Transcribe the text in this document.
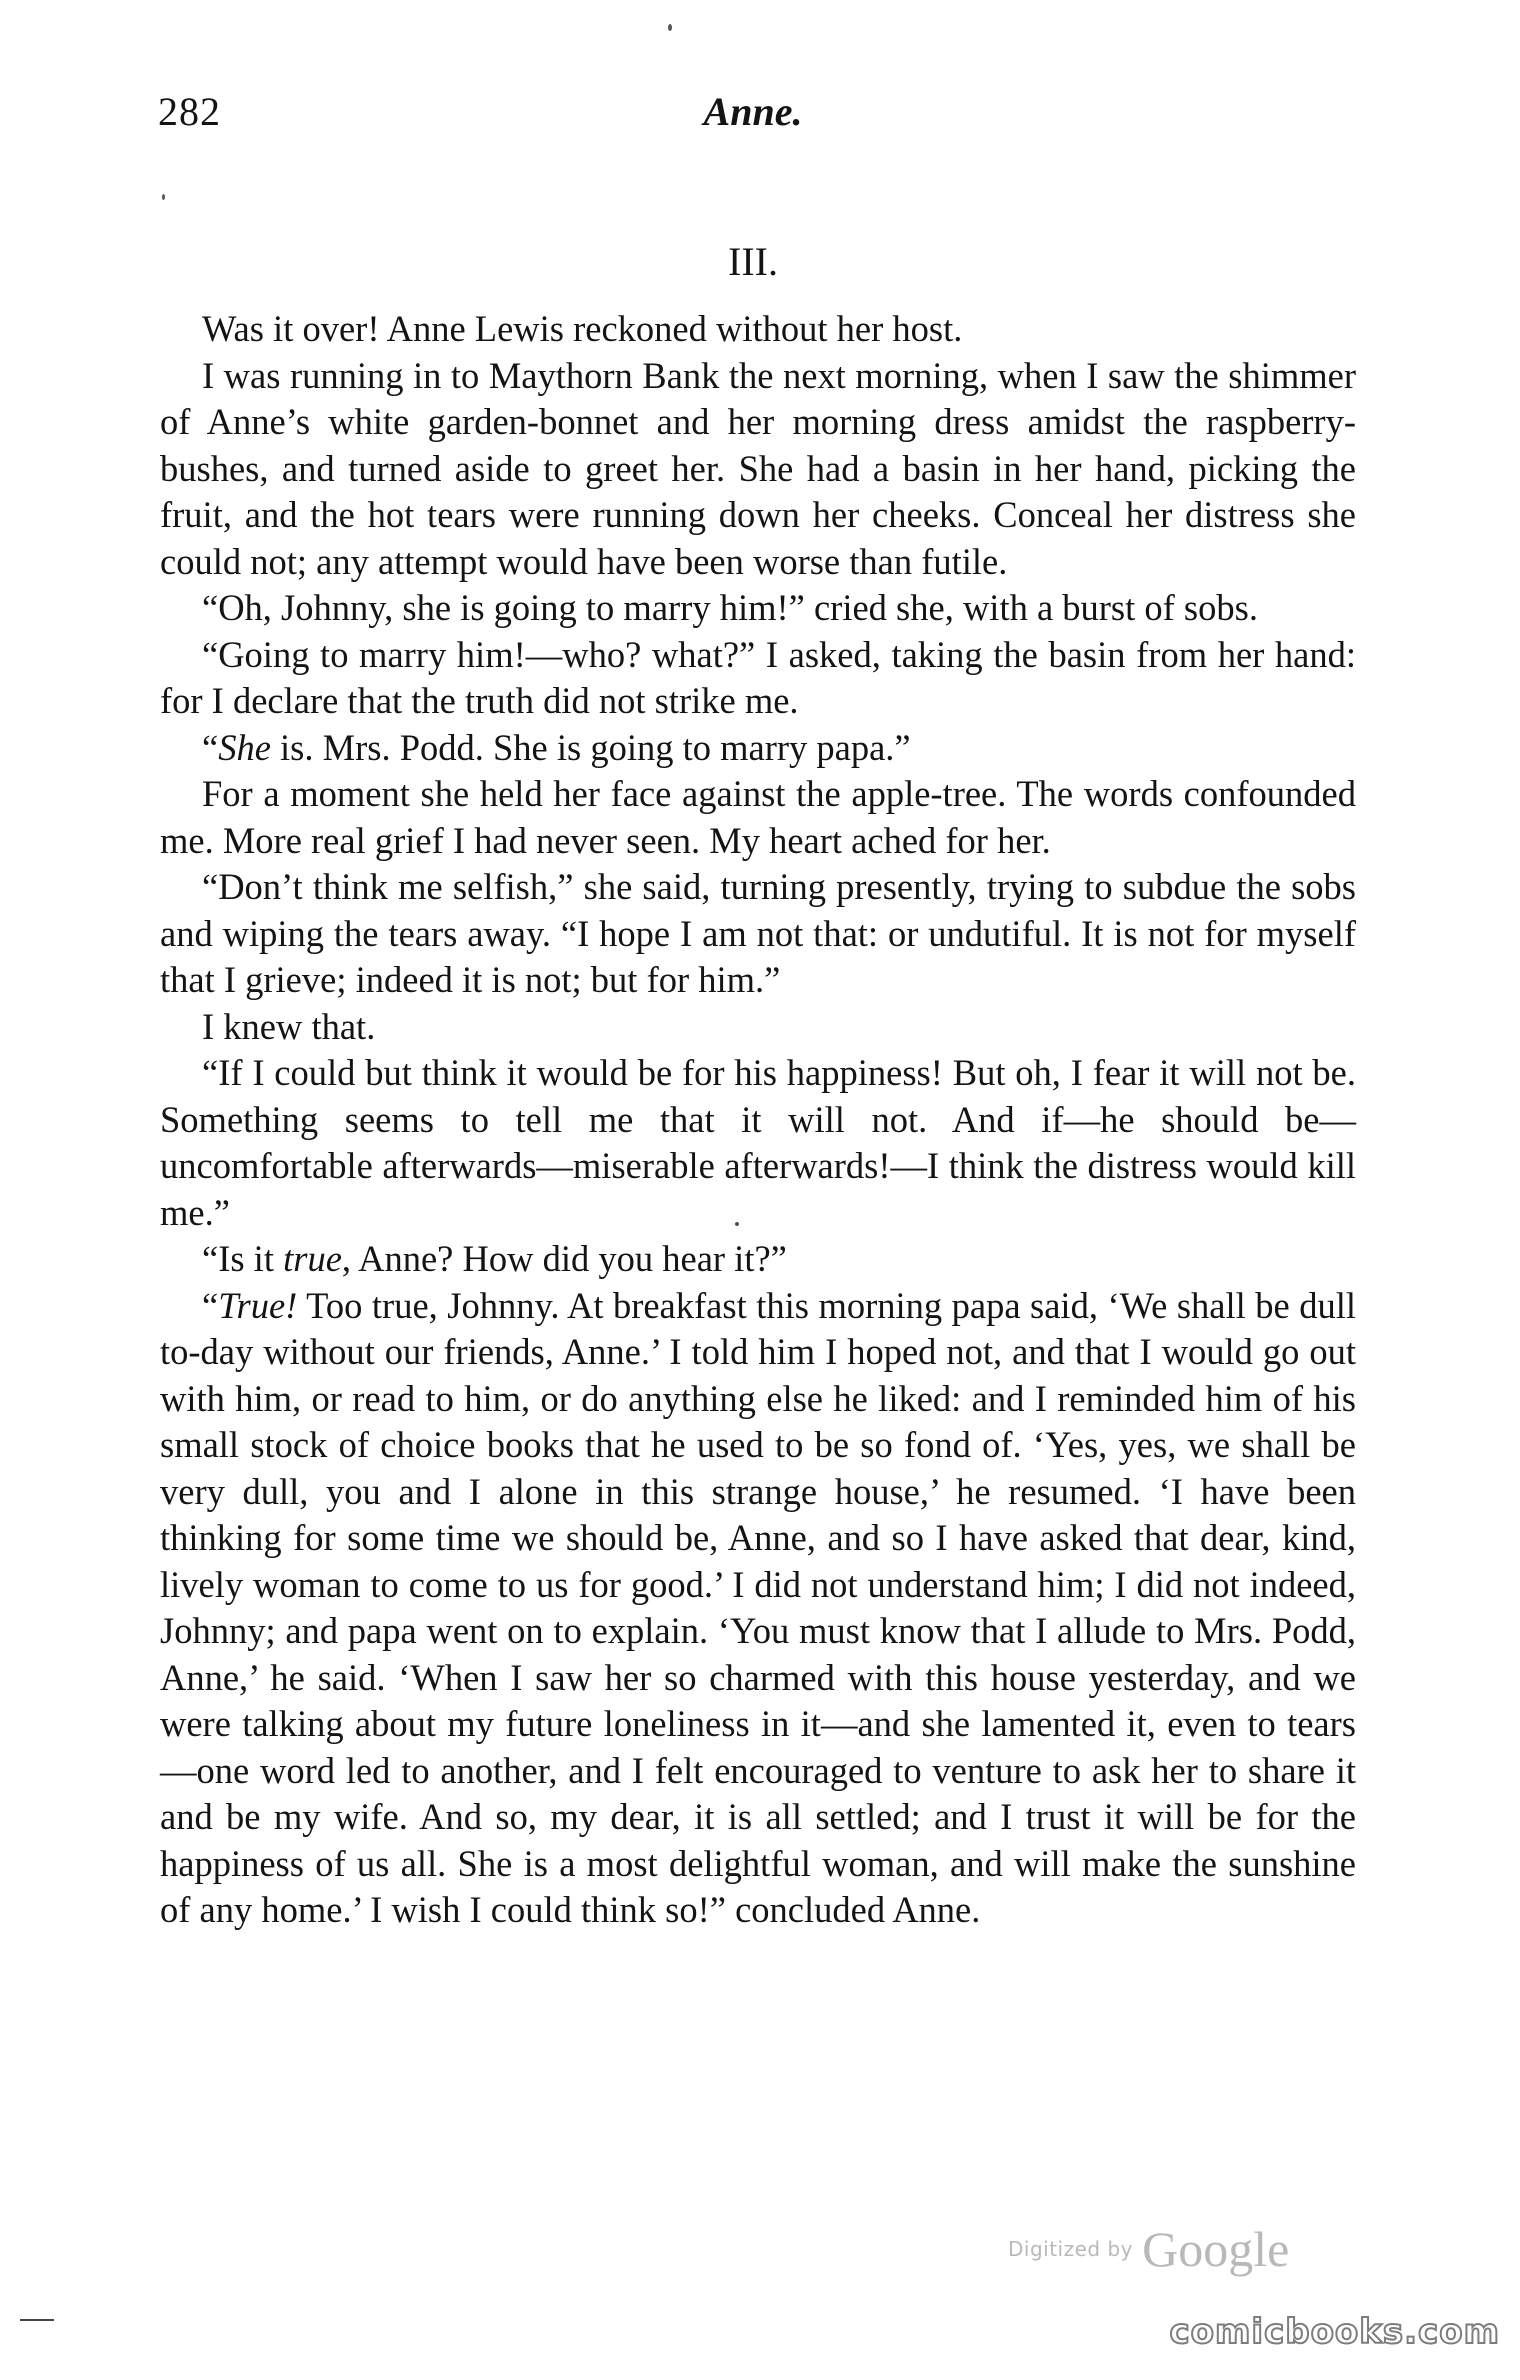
282	Anne.
III.

Was it over! Anne Lewis reckoned without her host.

I was running in to Maythorn Bank the next morning, when I saw the shimmer of Anne’s white garden-bonnet and her morning dress amidst the raspberry-bushes, and turned aside to greet her. She had a basin in her hand, picking the fruit, and the hot tears were running down her cheeks. Conceal her distress she could not; any attempt would have been worse than futile.

“Oh, Johnny, she is going to marry him!” cried she, with a burst of sobs.

“Going to marry him!—who? what?” I asked, taking the basin from her hand: for I declare that the truth did not strike me.

“She is. Mrs. Podd. She is going to marry papa.”

For a moment she held her face against the apple-tree. The words confounded me. More real grief I had never seen. My heart ached for her.

“Don’t think me selfish,” she said, turning presently, trying to subdue the sobs and wiping the tears away. “I hope I am not that: or undutiful. It is not for myself that I grieve; indeed it is not; but for him.”

I knew that.

“If I could but think it would be for his happiness! But oh, I fear it will not be. Something seems to tell me that it will not. And if—he should be—uncomfortable afterwards—miserable afterwards!—I think the distress would kill me.”

“Is it true, Anne? How did you hear it?”

“True! Too true, Johnny. At breakfast this morning papa said, ‘We shall be dull to-day without our friends, Anne.’ I told him I hoped not, and that I would go out with him, or read to him, or do anything else he liked: and I reminded him of his small stock of choice books that he used to be so fond of. ‘Yes, yes, we shall be very dull, you and I alone in this strange house,’ he resumed. ‘I have been thinking for some time we should be, Anne, and so I have asked that dear, kind, lively woman to come to us for good.’ I did not understand him; I did not indeed, Johnny; and papa went on to explain. ‘You must know that I allude to Mrs. Podd, Anne,’ he said. ‘When I saw her so charmed with this house yesterday, and we were talking about my future loneliness in it—and she lamented it, even to tears—one word led to another, and I felt encouraged to venture to ask her to share it and be my wife. And so, my dear, it is all settled; and I trust it will be for the happiness of us all. She is a most delightful woman, and will make the sunshine of any home.’ I wish I could think so!” concluded Anne.

Digitized by Google
comicbooks.com
